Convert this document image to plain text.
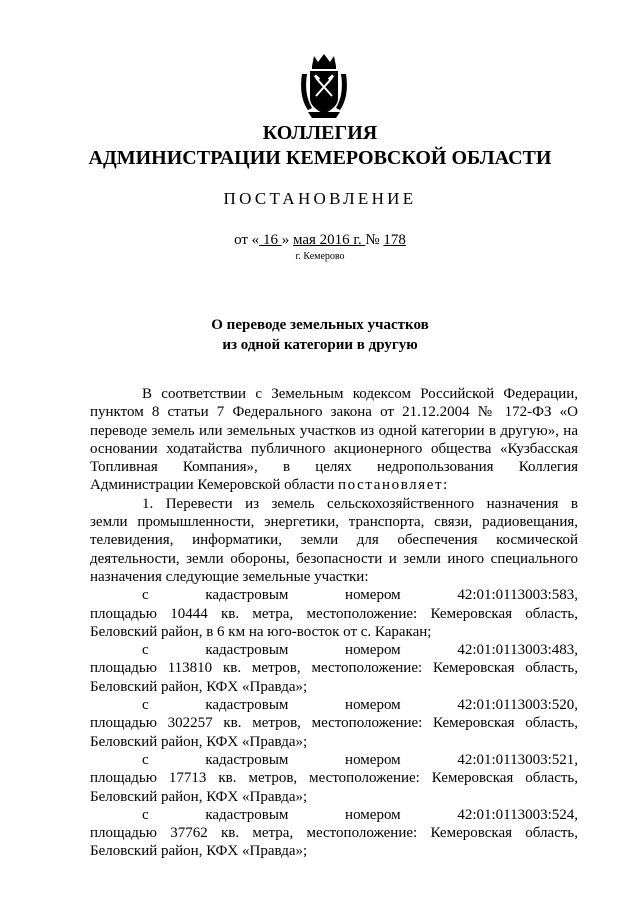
КОЛЛЕГИЯ
АДМИНИСТРАЦИИ КЕМЕРОВСКОЙ ОБЛАСТИ
ПОСТАНОВЛЕНИЕ
от « 16 » мая 2016 г. № 178
г. Кемерово
О переводе земельных участков
из одной категории в другую

В соответствии с Земельным кодексом Российской Федерации,

пунктом 8 статьи 7 Федерального закона от 21.12.2004 № 172-ФЗ «О

переводе земель или земельных участков из одной категории в другую», на

основании ходатайства публичного акционерного общества «Кузбасская

Топливная Компания», в целях недропользования Коллегия

Администрации Кемеровской области постановляет:

1. Перевести из земель сельскохозяйственного назначения в

земли промышленности, энергетики, транспорта, связи, радиовещания,

телевидения, информатики, земли для обеспечения космической

деятельности, земли обороны, безопасности и земли иного специального

назначения следующие земельные участки:

с	кадастровым	номером	42:01:0113003:583,

площадью 10444 кв. метра, местоположение: Кемеровская область,

Беловский район, в 6 км на юго-восток от с. Каракан;

с	кадастровым	номером	42:01:0113003:483,

площадью 113810 кв. метров, местоположение: Кемеровская область,

Беловский район, КФХ «Правда»;

с	кадастровым	номером	42:01:0113003:520,

площадью 302257 кв. метров, местоположение: Кемеровская область,

Беловский район, КФХ «Правда»;

с	кадастровым	номером	42:01:0113003:521,

площадью 17713 кв. метров, местоположение: Кемеровская область,

Беловский район, КФХ «Правда»;

с	кадастровым	номером	42:01:0113003:524,

площадью 37762 кв. метра, местоположение: Кемеровская область,

Беловский район, КФХ «Правда»;
